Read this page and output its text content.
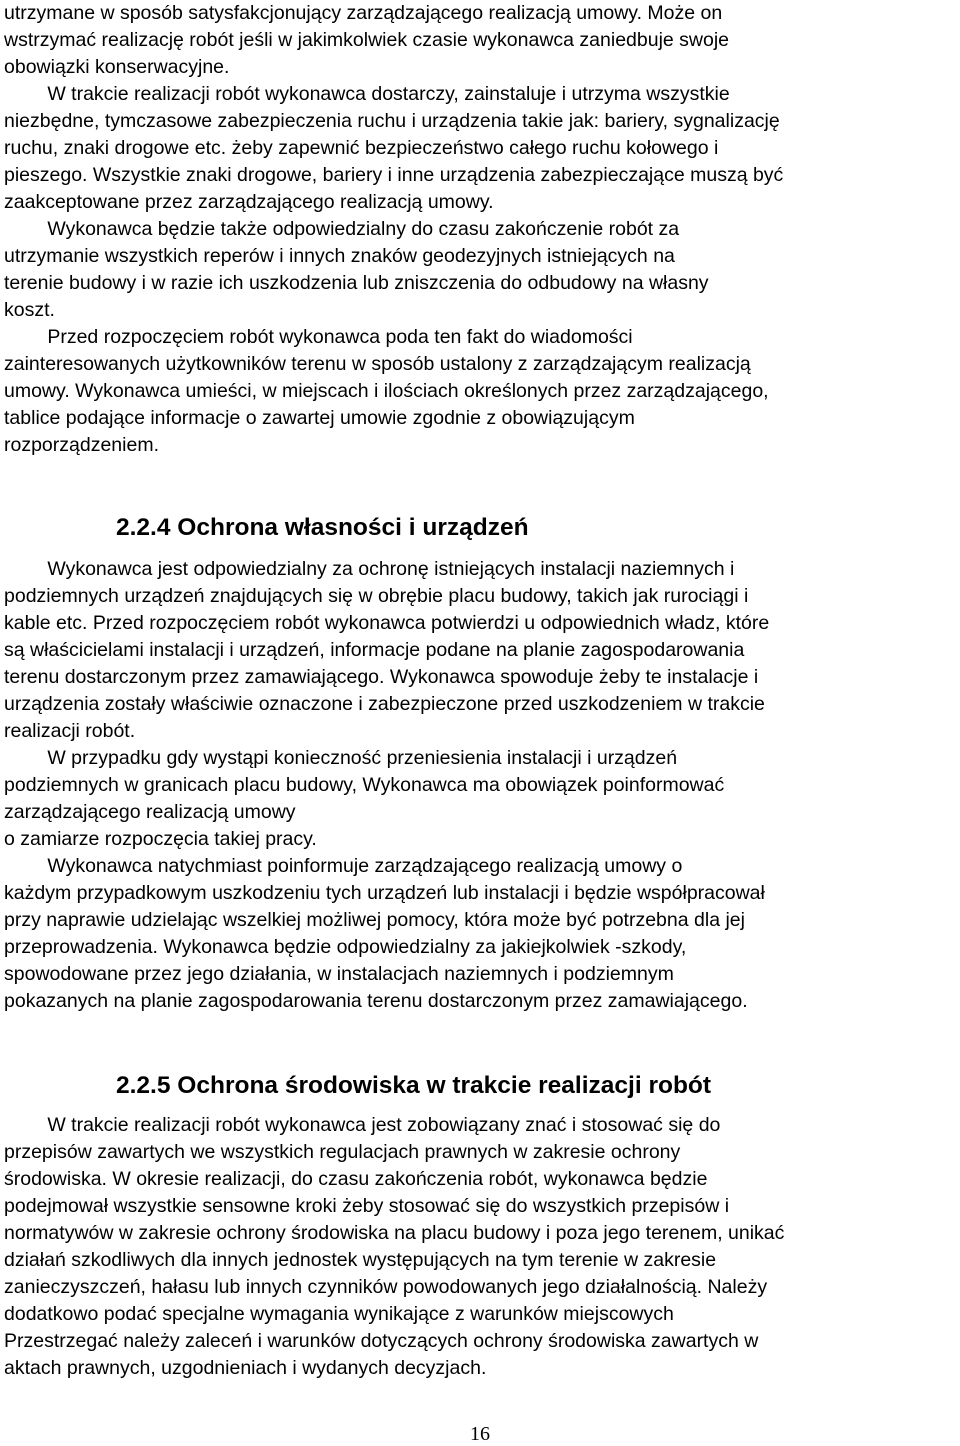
utrzymane w sposób satysfakcjonujący zarządzającego realizacją umowy. Może on
wstrzymać realizację robót jeśli w jakimkolwiek czasie wykonawca zaniedbuje swoje
obowiązki konserwacyjne.
W trakcie realizacji robót wykonawca dostarczy, zainstaluje i utrzyma wszystkie
niezbędne, tymczasowe zabezpieczenia ruchu i urządzenia takie jak: bariery, sygnalizację
ruchu, znaki drogowe etc. żeby zapewnić bezpieczeństwo całego ruchu kołowego i
pieszego. Wszystkie znaki drogowe, bariery i inne urządzenia zabezpieczające muszą być
zaakceptowane przez zarządzającego realizacją umowy.
Wykonawca będzie także odpowiedzialny do czasu zakończenie robót za
utrzymanie wszystkich reperów i innych znaków geodezyjnych istniejących na
terenie budowy i w razie ich uszkodzenia lub zniszczenia do odbudowy na własny
koszt.
Przed rozpoczęciem robót wykonawca poda ten fakt do wiadomości
zainteresowanych użytkowników terenu w sposób ustalony z zarządzającym realizacją
umowy. Wykonawca umieści, w miejscach i ilościach określonych przez zarządzającego,
tablice podające informacje o zawartej umowie zgodnie z obowiązującym
rozporządzeniem.
2.2.4 Ochrona własności i urządzeń
Wykonawca jest odpowiedzialny za ochronę istniejących instalacji naziemnych i
podziemnych urządzeń znajdujących się w obrębie placu budowy, takich jak rurociągi i
kable etc. Przed rozpoczęciem robót wykonawca potwierdzi u odpowiednich władz, które
są właścicielami instalacji i urządzeń, informacje podane na planie zagospodarowania
terenu dostarczonym przez zamawiającego. Wykonawca spowoduje żeby te instalacje i
urządzenia zostały właściwie oznaczone i zabezpieczone przed uszkodzeniem w trakcie
realizacji robót.
W przypadku gdy wystąpi konieczność przeniesienia instalacji i urządzeń
podziemnych w granicach placu budowy, Wykonawca ma obowiązek poinformować
zarządzającego realizacją umowy
o zamiarze rozpoczęcia takiej pracy.
Wykonawca natychmiast poinformuje zarządzającego realizacją umowy o
każdym przypadkowym uszkodzeniu tych urządzeń lub instalacji i będzie współpracował
przy naprawie udzielając wszelkiej możliwej pomocy, która może być potrzebna dla jej
przeprowadzenia. Wykonawca będzie odpowiedzialny za jakiejkolwiek -szkody,
spowodowane przez jego działania, w instalacjach naziemnych i podziemnym
pokazanych na planie zagospodarowania terenu dostarczonym przez zamawiającego.
2.2.5 Ochrona środowiska w trakcie realizacji robót
W trakcie realizacji robót wykonawca jest zobowiązany znać i stosować się do
przepisów zawartych we wszystkich regulacjach prawnych w zakresie ochrony
środowiska. W okresie realizacji, do czasu zakończenia robót, wykonawca będzie
podejmował wszystkie sensowne kroki żeby stosować się do wszystkich przepisów i
normatywów w zakresie ochrony środowiska na placu budowy i poza jego terenem, unikać
działań szkodliwych dla innych jednostek występujących na tym terenie w zakresie
zanieczyszczeń, hałasu lub innych czynników powodowanych jego działalnością. Należy
dodatkowo podać specjalne wymagania wynikające z warunków miejscowych
Przestrzegać należy zaleceń i warunków dotyczących ochrony środowiska zawartych w
aktach prawnych, uzgodnieniach i wydanych decyzjach.
16
